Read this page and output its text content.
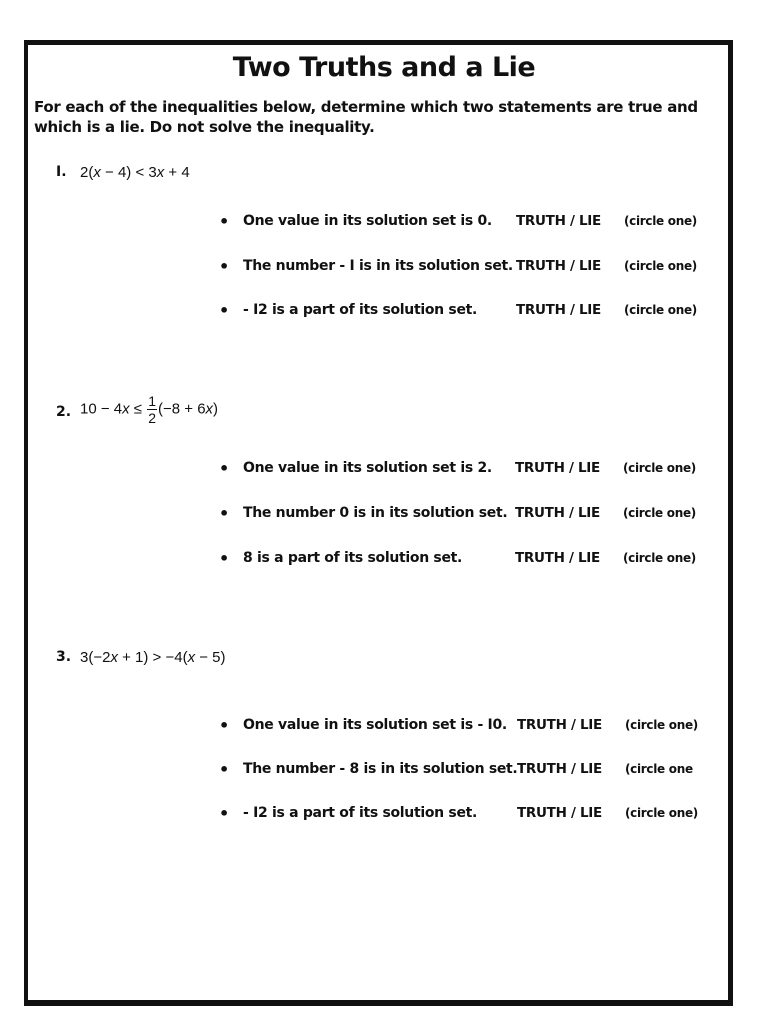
Two Truths and a Lie

For each of the inequalities below, determine which two statements are true and which is a lie. Do not solve the inequality.

I. 2(x − 4) < 3x + 4
• One value in its solution set is 0. TRUTH / LIE (circle one)
• The number - I is in its solution set. TRUTH / LIE (circle one)
• - I2 is a part of its solution set.	TRUTH / LIE (circle one)
2. $10 - 4x \le \frac{1}{2} (-8 + 6x)$
• One value in its solution set is 2. TRUTH / LIE (circle one)
• The number 0 is in its solution set. TRUTH / LIE (circle one)
• 8 is a part of its solution set.	TRUTH / LIE (circle one)
3. 3(−2x + 1) > −4(x − 5)
• One value in its solution set is - I0. TRUTH / LIE (circle one)
• The number - 8 is in its solution set. TRUTH / LIE (circle one
• - I2 is a part of its solution set.	TRUTH / LIE (circle one)
